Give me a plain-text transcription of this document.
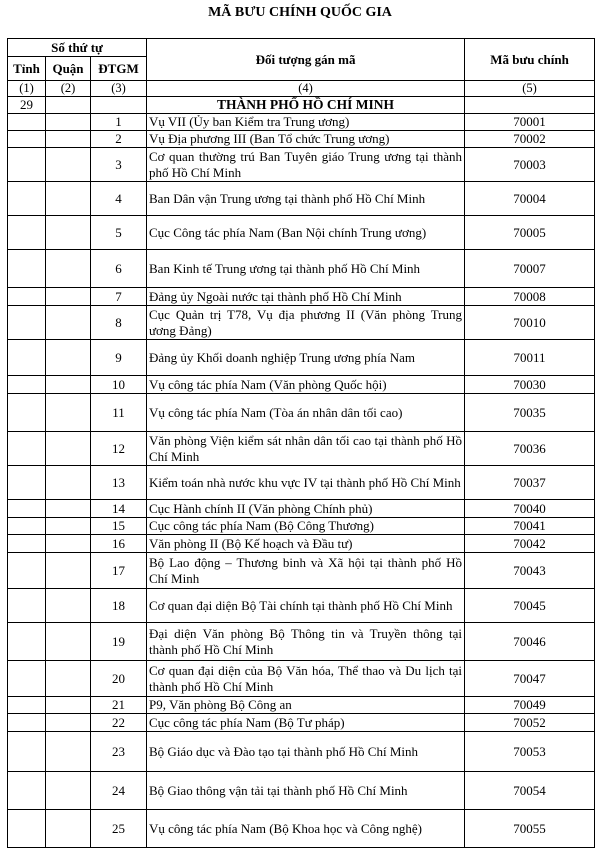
MÃ BƯU CHÍNH QUỐC GIA
Số thứ tự			Đối tượng gán mã	Mã bưu chính
Tỉnh	Quận	ĐTGM		
(1)	(2)	(3)	(4)	(5)
29			THÀNH PHỐ HỒ CHÍ MINH	
		1	Vụ VII (Ủy ban Kiểm tra Trung ương)	70001
		2	Vụ Địa phương III (Ban Tổ chức Trung ương)	70002
		3	Cơ quan thường trú Ban Tuyên giáo Trung ương tại thành phố Hồ Chí Minh	70003
		4	Ban Dân vận Trung ương tại thành phố Hồ Chí Minh	70004
		5	Cục Công tác phía Nam (Ban Nội chính Trung ương)	70005
		6	Ban Kinh tế Trung ương tại thành phố Hồ Chí Minh	70007
		7	Đảng ủy Ngoài nước tại thành phố Hồ Chí Minh	70008
		8	Cục Quản trị T78, Vụ địa phương II (Văn phòng Trung ương Đảng)	70010
		9	Đảng ủy Khối doanh nghiệp Trung ương phía Nam	70011
		10	Vụ công tác phía Nam (Văn phòng Quốc hội)	70030
		11	Vụ công tác phía Nam (Tòa án nhân dân tối cao)	70035
		12	Văn phòng Viện kiểm sát nhân dân tối cao tại thành phố Hồ Chí Minh	70036
		13	Kiểm toán nhà nước khu vực IV tại thành phố Hồ Chí Minh	70037
		14	Cục Hành chính II (Văn phòng Chính phủ)	70040
		15	Cục công tác phía Nam (Bộ Công Thương)	70041
		16	Văn phòng II (Bộ Kế hoạch và Đầu tư)	70042
		17	Bộ Lao động – Thương binh và Xã hội tại thành phố Hồ Chí Minh	70043
		18	Cơ quan đại diện Bộ Tài chính tại thành phố Hồ Chí Minh	70045
		19	Đại diện Văn phòng Bộ Thông tin và Truyền thông tại thành phố Hồ Chí Minh	70046
		20	Cơ quan đại diện của Bộ Văn hóa, Thể thao và Du lịch tại thành phố Hồ Chí Minh	70047
		21	P9, Văn phòng Bộ Công an	70049
		22	Cục công tác phía Nam (Bộ Tư pháp)	70052
		23	Bộ Giáo dục và Đào tạo tại thành phố Hồ Chí Minh	70053
		24	Bộ Giao thông vận tải tại thành phố Hồ Chí Minh	70054
		25	Vụ công tác phía Nam (Bộ Khoa học và Công nghệ)	70055
